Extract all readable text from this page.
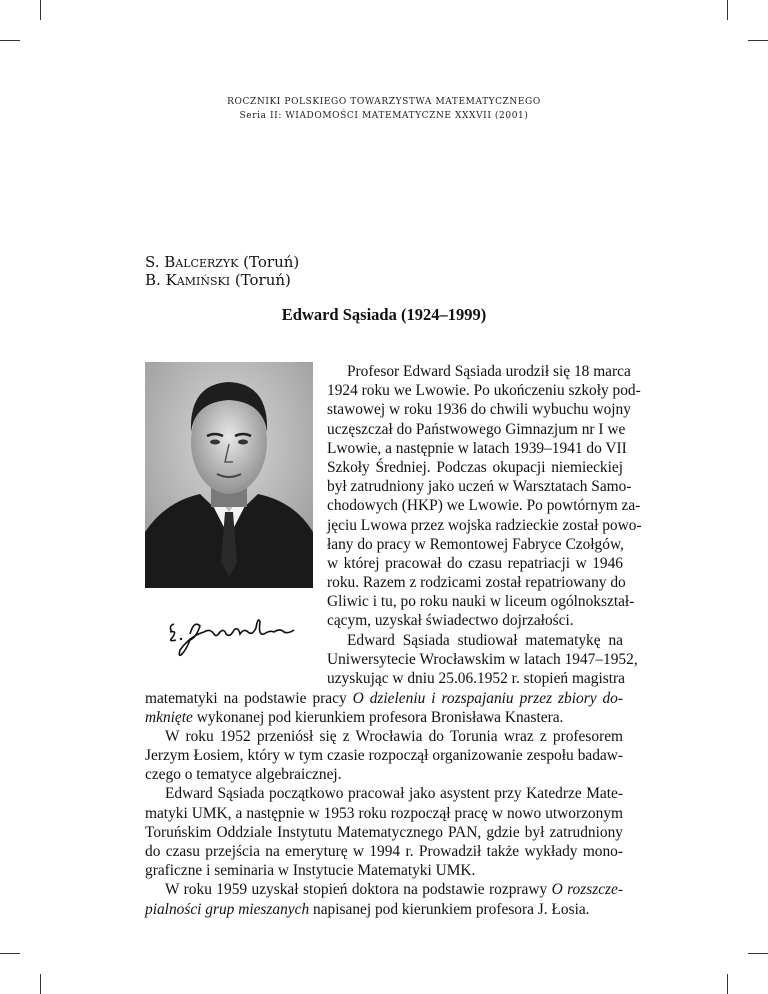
ROCZNIKI POLSKIEGO TOWARZYSTWA MATEMATYCZNEGO
Seria II: WIADOMOŚCI MATEMATYCZNE XXXVII (2001)
S. Balcerzyk (Toruń)
B. Kamiński (Toruń)
Edward Sąsiada (1924–1999)
Profesor Edward Sąsiada urodził się 18 marca
1924 roku we Lwowie. Po ukończeniu szkoły pod-
stawowej w roku 1936 do chwili wybuchu wojny
uczęszczał do Państwowego Gimnazjum nr I we
Lwowie, a następnie w latach 1939–1941 do VII
Szkoły Średniej. Podczas okupacji niemieckiej
był zatrudniony jako uczeń w Warsztatach Samo-
chodowych (HKP) we Lwowie. Po powtórnym za-
jęciu Lwowa przez wojska radzieckie został powo-
łany do pracy w Remontowej Fabryce Czołgów,
w której pracował do czasu repatriacji w 1946
roku. Razem z rodzicami został repatriowany do
Gliwic i tu, po roku nauki w liceum ogólnokształ-
cącym, uzyskał świadectwo dojrzałości.
Edward Sąsiada studiował matematykę na
Uniwersytecie Wrocławskim w latach 1947–1952,
uzyskując w dniu 25.06.1952 r. stopień magistra
matematyki na podstawie pracy O dzieleniu i rozspajaniu przez zbiory do-
mknięte wykonanej pod kierunkiem profesora Bronisława Knastera.
W roku 1952 przeniósł się z Wrocławia do Torunia wraz z profesorem
Jerzym Łosiem, który w tym czasie rozpoczął organizowanie zespołu badaw-
czego o tematyce algebraicznej.
Edward Sąsiada początkowo pracował jako asystent przy Katedrze Mate-
matyki UMK, a następnie w 1953 roku rozpoczął pracę w nowo utworzonym
Toruńskim Oddziale Instytutu Matematycznego PAN, gdzie był zatrudniony
do czasu przejścia na emeryturę w 1994 r. Prowadził także wykłady mono-
graficzne i seminaria w Instytucie Matematyki UMK.
W roku 1959 uzyskał stopień doktora na podstawie rozprawy O rozszcze-
pialności grup mieszanych napisanej pod kierunkiem profesora J. Łosia.
